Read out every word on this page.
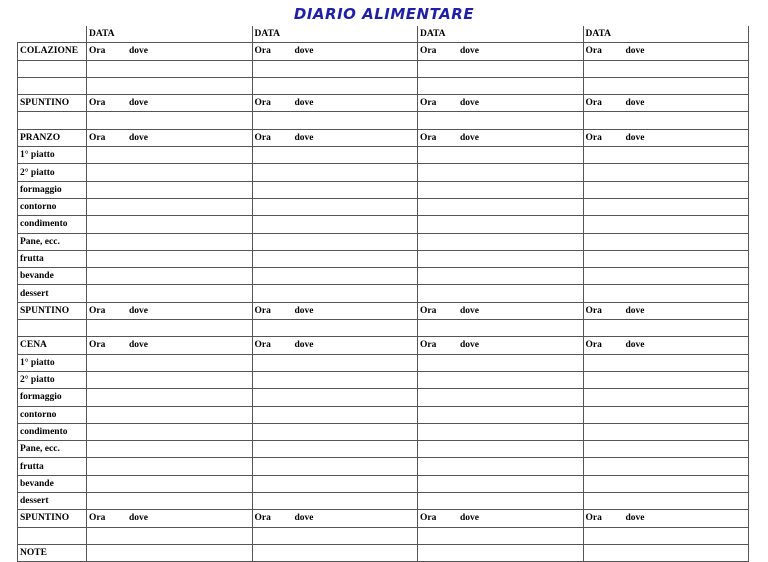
DIARIO ALIMENTARE
	DATA	DATA	DATA	DATA
COLAZIONE	Ora dove	Ora dove	Ora dove	Ora dove

SPUNTINO	Ora dove	Ora dove	Ora dove	Ora dove

PRANZO	Ora dove	Ora dove	Ora dove	Ora dove

1° piatto				
2° piatto				
formaggio				
contorno				
condimento				
Pane, ecc.				
frutta				
bevande				
dessert				
SPUNTINO	Ora dove	Ora dove	Ora dove	Ora dove

CENA	Ora dove	Ora dove	Ora dove	Ora dove

1° piatto				
2° piatto				
formaggio				
contorno				
condimento				
Pane, ecc.				
frutta				
bevande				
dessert				
SPUNTINO	Ora dove	Ora dove	Ora dove	Ora dove

NOTE				
